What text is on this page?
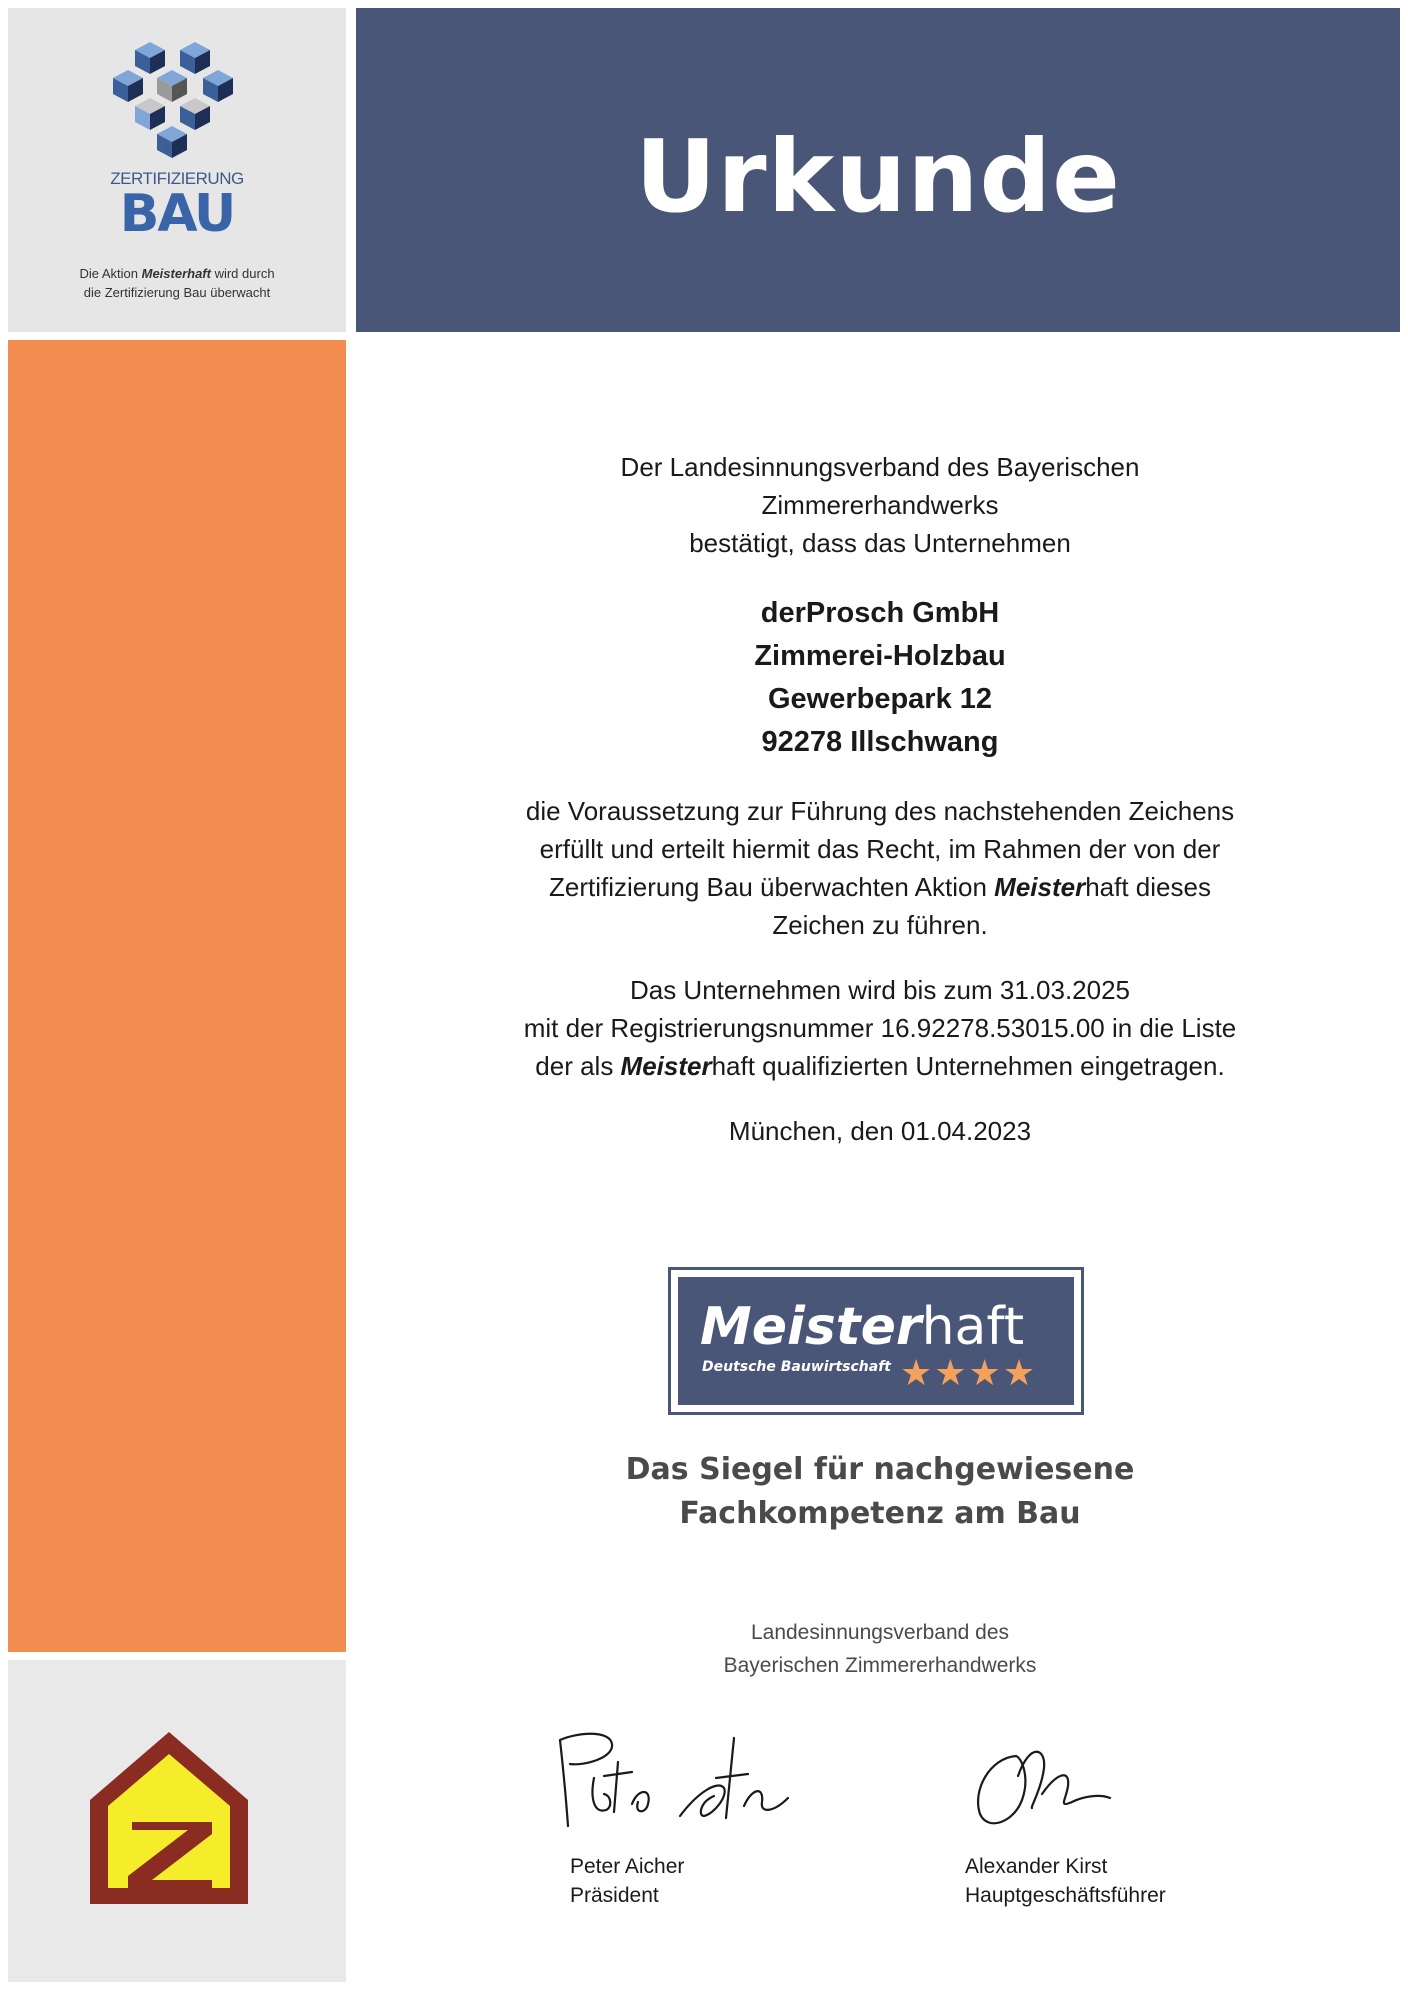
ZERTIFIZIERUNG
BAU
Die Aktion Meisterhaft wird durch
die Zertifizierung Bau überwacht
Urkunde
Der Landesinnungsverband des Bayerischen
Zimmererhandwerks
bestätigt, dass das Unternehmen
derProsch GmbH
Zimmerei-Holzbau
Gewerbepark 12
92278 Illschwang
die Voraussetzung zur Führung des nachstehenden Zeichens
erfüllt und erteilt hiermit das Recht, im Rahmen der von der
Zertifizierung Bau überwachten Aktion Meisterhaft dieses
Zeichen zu führen.
Das Unternehmen wird bis zum 31.03.2025
mit der Registrierungsnummer 16.92278.53015.00 in die Liste
der als Meisterhaft qualifizierten Unternehmen eingetragen.
München, den 01.04.2023
Meisterhaft
Deutsche Bauwirtschaft ★★★★
Das Siegel für nachgewiesene
Fachkompetenz am Bau
Landesinnungsverband des
Bayerischen Zimmererhandwerks
Peter Aicher
Präsident
Alexander Kirst
Hauptgeschäftsführer
